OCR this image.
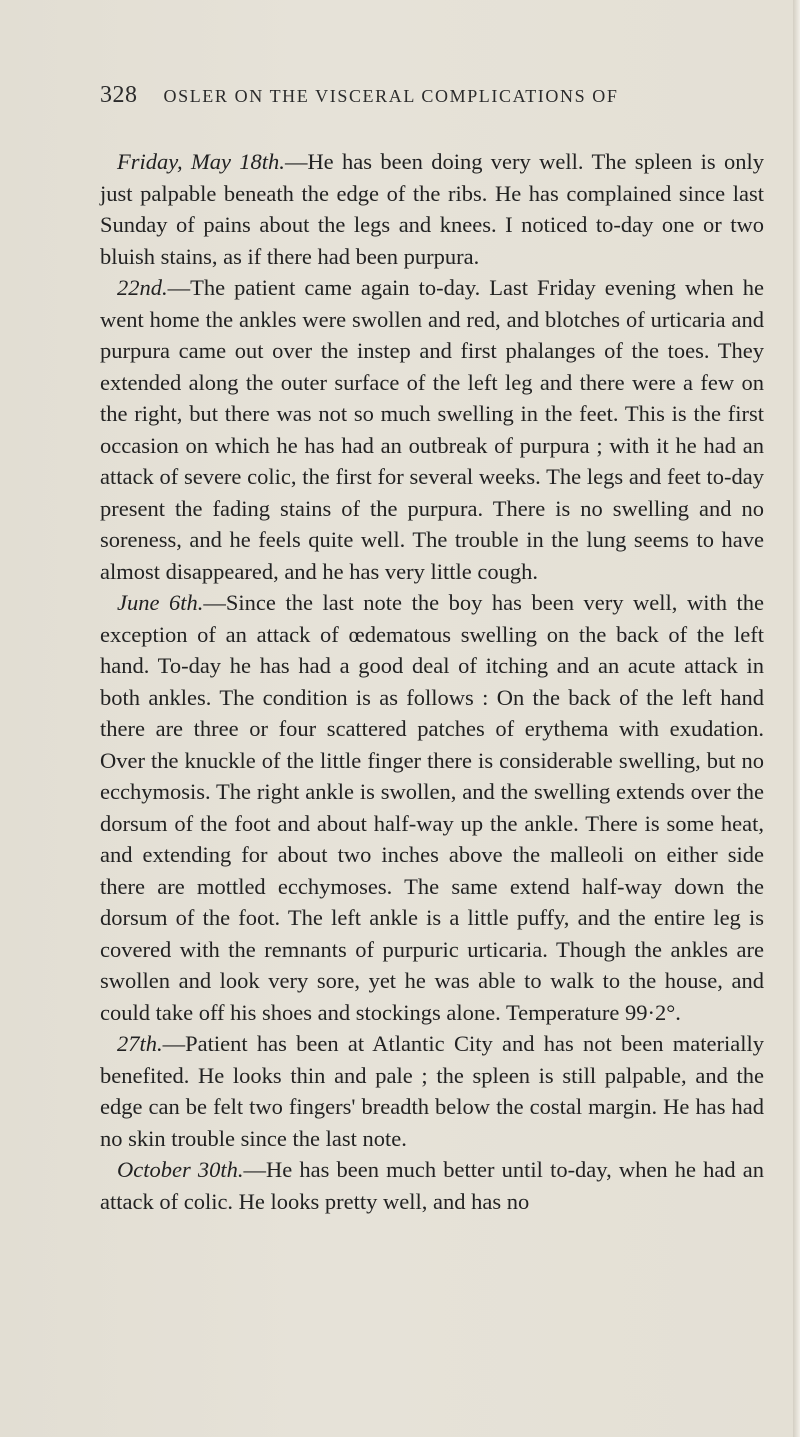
328 OSLER ON THE VISCERAL COMPLICATIONS OF

Friday, May 18th.—He has been doing very well. The spleen is only just palpable beneath the edge of the ribs. He has complained since last Sunday of pains about the legs and knees. I noticed to-day one or two bluish stains, as if there had been purpura.

22nd.—The patient came again to-day. Last Friday evening when he went home the ankles were swollen and red, and blotches of urticaria and purpura came out over the instep and first phalanges of the toes. They extended along the outer surface of the left leg and there were a few on the right, but there was not so much swelling in the feet. This is the first occasion on which he has had an outbreak of purpura ; with it he had an attack of severe colic, the first for several weeks. The legs and feet to-day present the fading stains of the purpura. There is no swelling and no soreness, and he feels quite well. The trouble in the lung seems to have almost disappeared, and he has very little cough.

June 6th.—Since the last note the boy has been very well, with the exception of an attack of œdematous swelling on the back of the left hand. To-day he has had a good deal of itching and an acute attack in both ankles. The condition is as follows : On the back of the left hand there are three or four scattered patches of erythema with exudation. Over the knuckle of the little finger there is considerable swelling, but no ecchymosis. The right ankle is swollen, and the swelling extends over the dorsum of the foot and about half-way up the ankle. There is some heat, and extending for about two inches above the malleoli on either side there are mottled ecchymoses. The same extend half-way down the dorsum of the foot. The left ankle is a little puffy, and the entire leg is covered with the remnants of purpuric urticaria. Though the ankles are swollen and look very sore, yet he was able to walk to the house, and could take off his shoes and stockings alone. Temperature 99·2°.

27th.—Patient has been at Atlantic City and has not been materially benefited. He looks thin and pale ; the spleen is still palpable, and the edge can be felt two fingers' breadth below the costal margin. He has had no skin trouble since the last note.

October 30th.—He has been much better until to-day, when he had an attack of colic. He looks pretty well, and has no
